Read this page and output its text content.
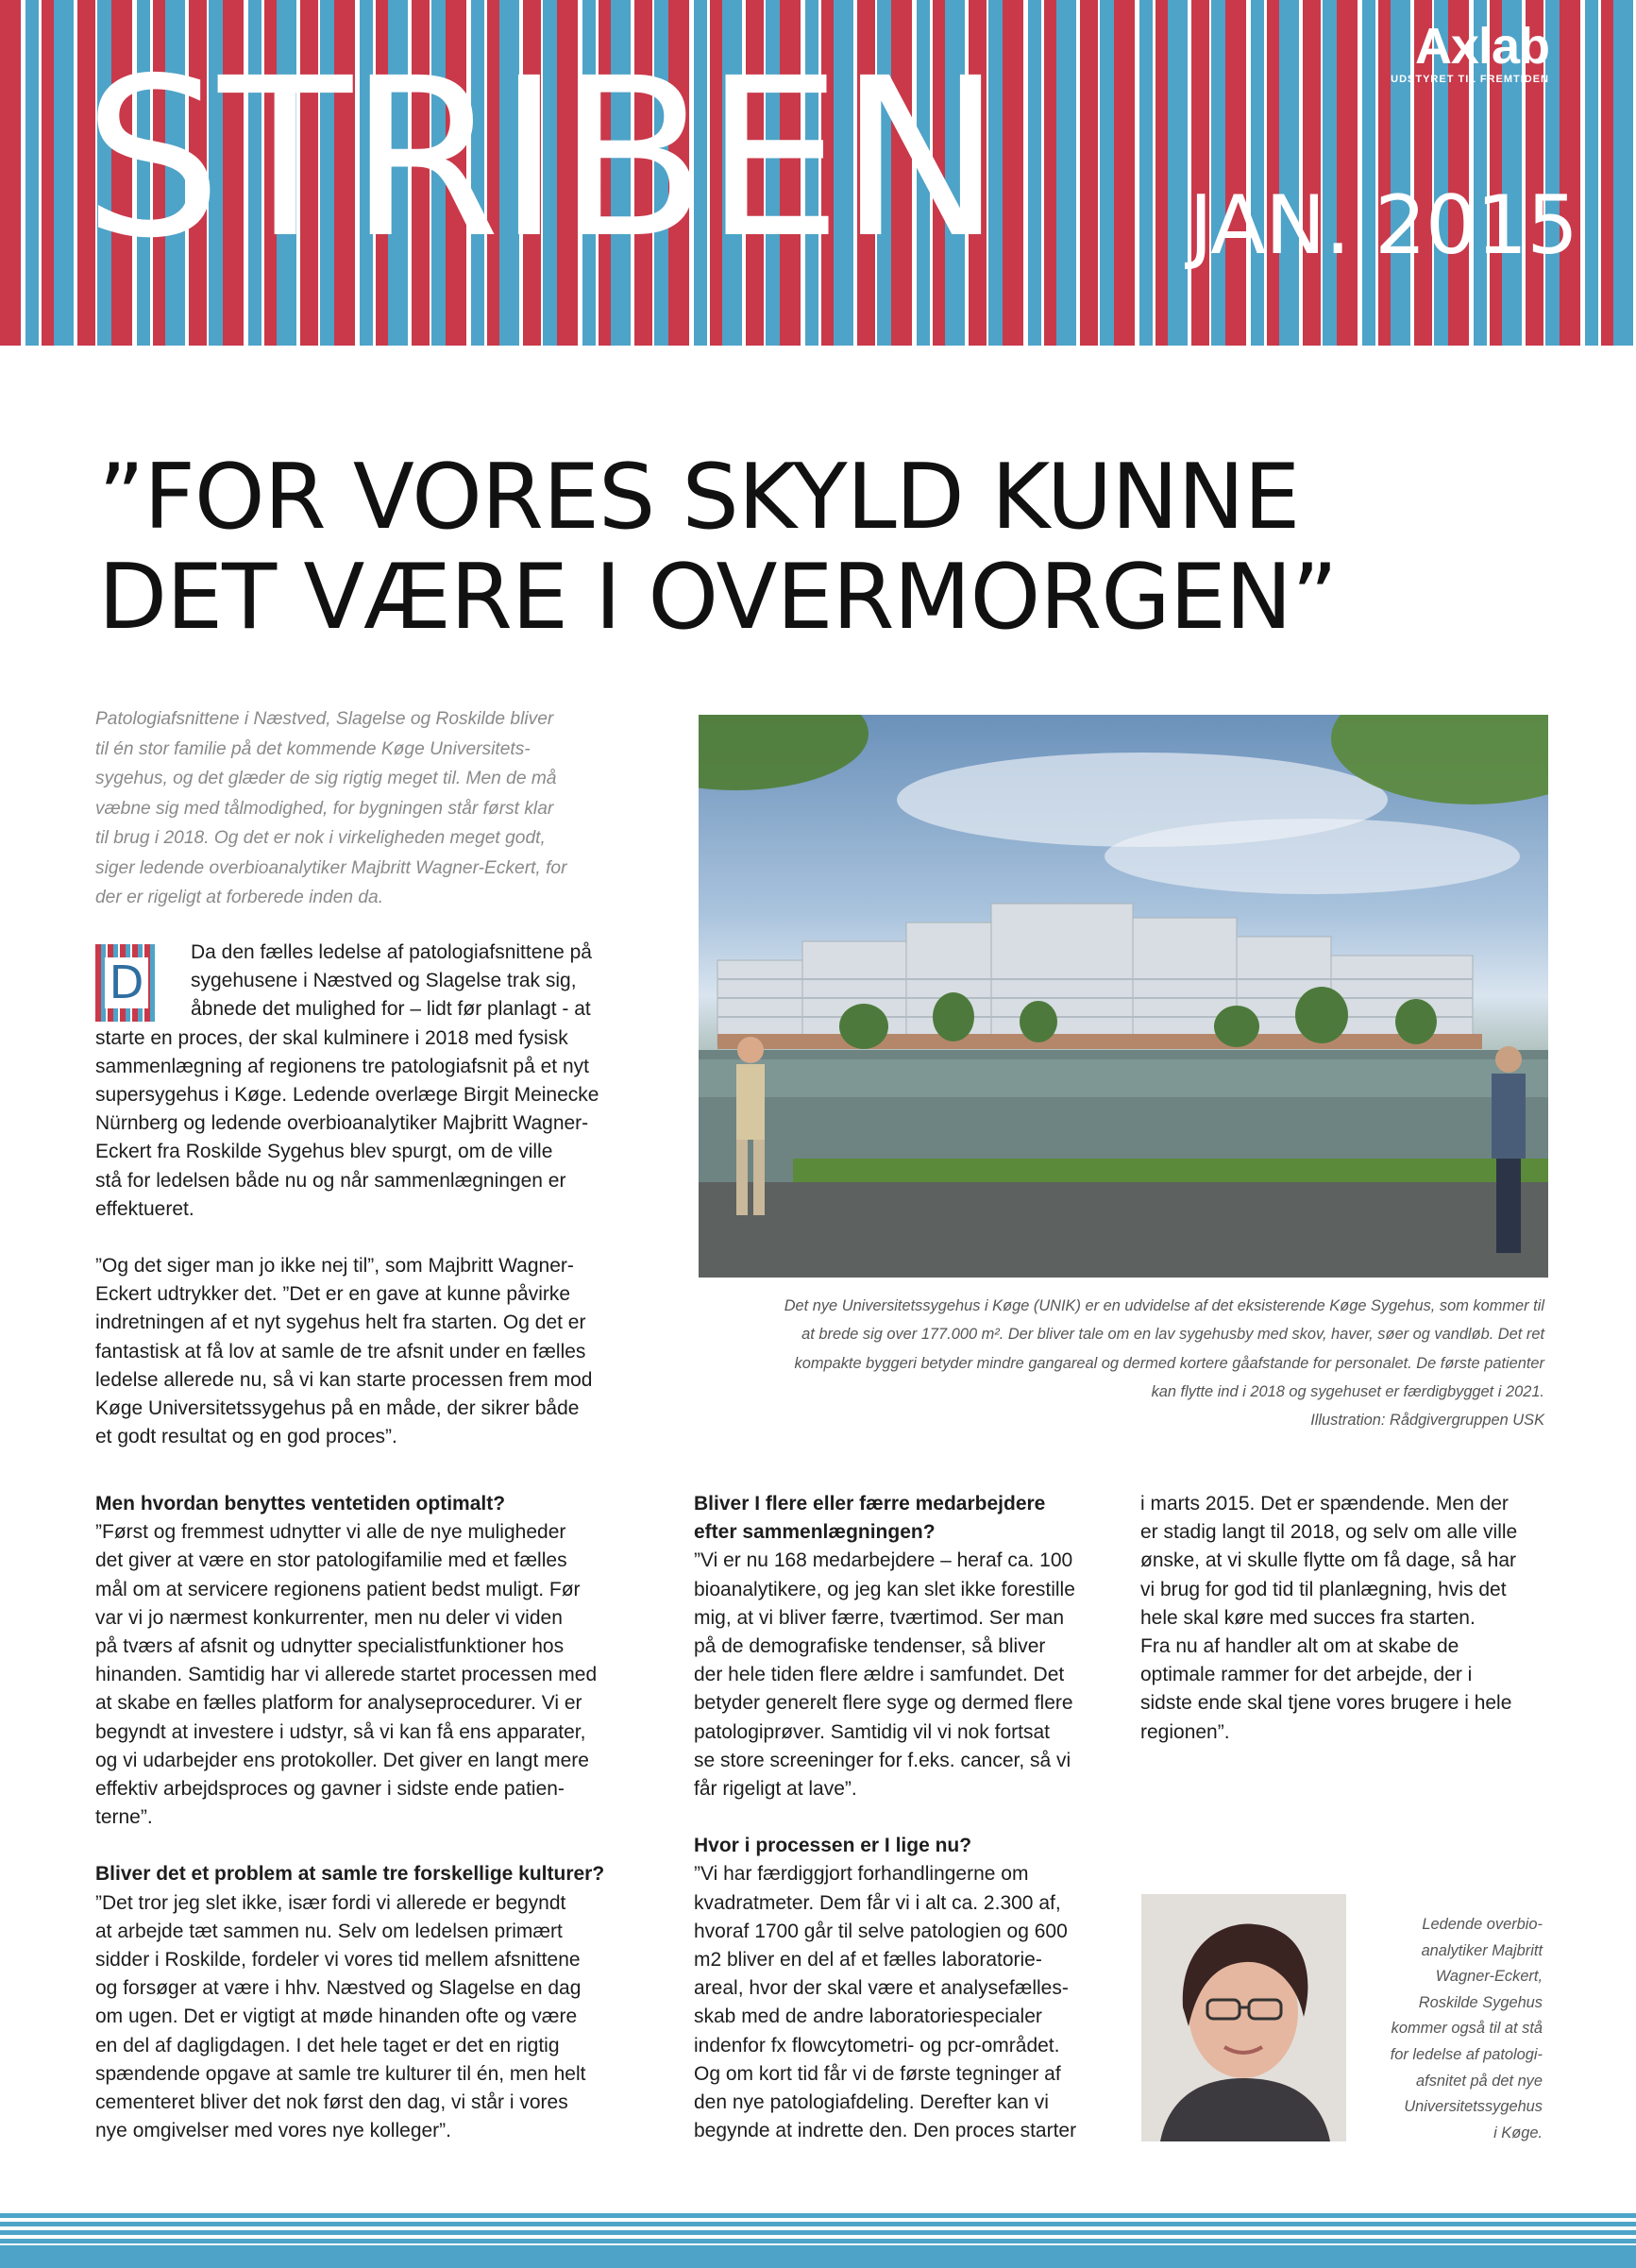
STRIBEN JAN. 2015
Axlab
UDSTYRET TIL FREMTIDEN
”FOR VORES SKYLD KUNNE
DET VÆRE I OVERMORGEN”

Patologiafsnittene i Næstved, Slagelse og Roskilde bliver
til én stor familie på det kommende Køge Universitets-
sygehus, og det glæder de sig rigtig meget til. Men de må
væbne sig med tålmodighed, for bygningen står først klar
til brug i 2018. Og det er nok i virkeligheden meget godt,
siger ledende overbioanalytiker Majbritt Wagner-Eckert, for
der er rigeligt at forberede inden da.

D
Da den fælles ledelse af patologiafsnittene på
sygehusene i Næstved og Slagelse trak sig,
åbnede det mulighed for – lidt før planlagt - at
starte en proces, der skal kulminere i 2018 med fysisk
sammenlægning af regionens tre patologiafsnit på et nyt
supersygehus i Køge. Ledende overlæge Birgit Meinecke
Nürnberg og ledende overbioanalytiker Majbritt Wagner-
Eckert fra Roskilde Sygehus blev spurgt, om de ville
stå for ledelsen både nu og når sammenlægningen er
effektueret.
”Og det siger man jo ikke nej til”, som Majbritt Wagner-
Eckert udtrykker det. ”Det er en gave at kunne påvirke
indretningen af et nyt sygehus helt fra starten. Og det er
fantastisk at få lov at samle de tre afsnit under en fælles
ledelse allerede nu, så vi kan starte processen frem mod
Køge Universitetssygehus på en måde, der sikrer både
et godt resultat og en god proces”.

Det nye Universitetssygehus i Køge (UNIK) er en udvidelse af det eksisterende Køge Sygehus, som kommer til
at brede sig over 177.000 m². Der bliver tale om en lav sygehusby med skov, haver, søer og vandløb. Det ret
kompakte byggeri betyder mindre gangareal og dermed kortere gåafstande for personalet. De første patienter
kan flytte ind i 2018 og sygehuset er færdigbygget i 2021.
Illustration: Rådgivergruppen USK

Men hvordan benyttes ventetiden optimalt?
”Først og fremmest udnytter vi alle de nye muligheder
det giver at være en stor patologifamilie med et fælles
mål om at servicere regionens patient bedst muligt. Før
var vi jo nærmest konkurrenter, men nu deler vi viden
på tværs af afsnit og udnytter specialistfunktioner hos
hinanden. Samtidig har vi allerede startet processen med
at skabe en fælles platform for analyseprocedurer. Vi er
begyndt at investere i udstyr, så vi kan få ens apparater,
og vi udarbejder ens protokoller. Det giver en langt mere
effektiv arbejdsproces og gavner i sidste ende patien-
terne”.
Bliver det et problem at samle tre forskellige kulturer?
”Det tror jeg slet ikke, især fordi vi allerede er begyndt
at arbejde tæt sammen nu. Selv om ledelsen primært
sidder i Roskilde, fordeler vi vores tid mellem afsnittene
og forsøger at være i hhv. Næstved og Slagelse en dag
om ugen. Det er vigtigt at møde hinanden ofte og være
en del af dagligdagen. I det hele taget er det en rigtig
spændende opgave at samle tre kulturer til én, men helt
cementeret bliver det nok først den dag, vi står i vores
nye omgivelser med vores nye kolleger”.
Bliver I flere eller færre medarbejdere
efter sammenlægningen?
”Vi er nu 168 medarbejdere – heraf ca. 100
bioanalytikere, og jeg kan slet ikke forestille
mig, at vi bliver færre, tværtimod. Ser man
på de demografiske tendenser, så bliver
der hele tiden flere ældre i samfundet. Det
betyder generelt flere syge og dermed flere
patologiprøver. Samtidig vil vi nok fortsat
se store screeninger for f.eks. cancer, så vi
får rigeligt at lave”.
Hvor i processen er I lige nu?
”Vi har færdiggjort forhandlingerne om
kvadratmeter. Dem får vi i alt ca. 2.300 af,
hvoraf 1700 går til selve patologien og 600
m2 bliver en del af et fælles laboratorie-
areal, hvor der skal være et analysefælles-
skab med de andre laboratoriespecialer
indenfor fx flowcytometri- og pcr-området.
Og om kort tid får vi de første tegninger af
den nye patologiafdeling. Derefter kan vi
begynde at indrette den. Den proces starter
i marts 2015. Det er spændende. Men der
er stadig langt til 2018, og selv om alle ville
ønske, at vi skulle flytte om få dage, så har
vi brug for god tid til planlægning, hvis det
hele skal køre med succes fra starten.
Fra nu af handler alt om at skabe de
optimale rammer for det arbejde, der i
sidste ende skal tjene vores brugere i hele
regionen”.

Ledende overbio-
analytiker Majbritt
Wagner-Eckert,
Roskilde Sygehus
kommer også til at stå
for ledelse af patologi-
afsnitet på det nye
Universitetssygehus
i Køge.
